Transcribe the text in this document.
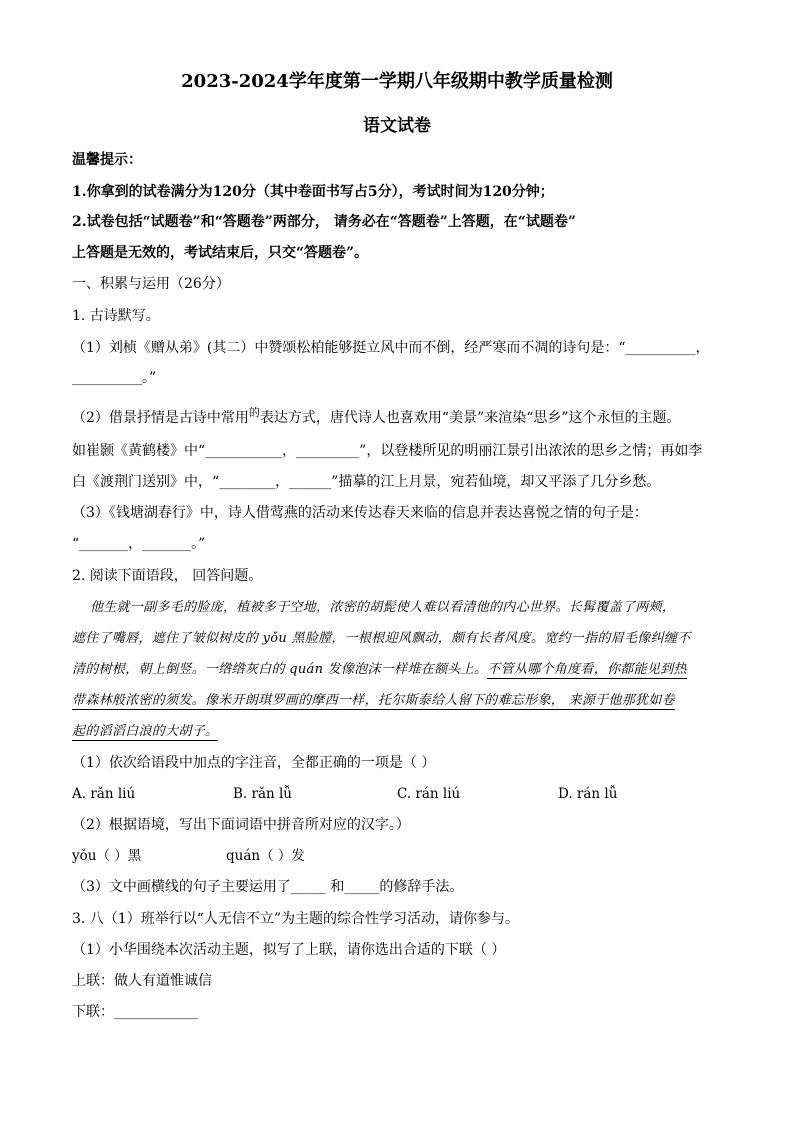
2023-2024学年度第一学期八年级期中教学质量检测
语文试卷
温馨提示：
1.你拿到的试卷满分为120分（其中卷面书写占5分），考试时间为120分钟；
2.试卷包括“试题卷”和“答题卷”两部分， 请务必在“答题卷”上答题，在“试题卷”
上答题是无效的，考试结束后，只交“答题卷”。
一、积累与运用（26分）
1. 古诗默写。
（1）刘桢《赠从弟》(其二）中赞颂松柏能够挺立风中而不倒，经严寒而不凋的诗句是：“__________，
__________。”
（2）借景抒情是古诗中常用$^的$表达方式，唐代诗人也喜欢用“美景”来渲染“思乡”这个永恒的主题。
如崔颢《黄鹤楼》中“___________，_________”，以登楼所见的明丽江景引出浓浓的思乡之情；再如李
白《渡荆门送别》中，“________，______”描摹的江上月景，宛若仙境，却又平添了几分乡愁。
（3）《钱塘湖春行》中，诗人借莺燕的活动来传达春天来临的信息并表达喜悦之情的句子是：
“_______，_______。”
2. 阅读下面语段， 回答问题。
他生就一副多毛的脸庞，植被多于空地，浓密的胡髭使人难以看清他的内心世界。长髯覆盖了两颊，
遮住了嘴唇，遮住了皱似树皮的 yǒu 黑脸膛，一根根迎风飘动，颇有长者风度。宽约一指的眉毛像纠缠不
清的树根，朝上倒竖。一绺绺灰白的 quán 发像泡沫一样堆在额头上。不管从哪个角度看，你都能见到热
带森林般浓密的须发。像米开朗琪罗画的摩西一样，托尔斯泰给人留下的难忘形象， 来源于他那犹如卷
起的滔滔白浪的大胡子。
（1）依次给语段中加点的字注音，全都正确的一项是（ ）
A. rǎn liú	B. rǎn lǚ	C. rán liú	D. rán lǚ
（2）根据语境，写出下面词语中拼音所对应的汉字。）
yǒu（ ）黑	quán（ ）发
（3）文中画横线的句子主要运用了_____ 和_____的修辞手法。
3. 八（1）班举行以“人无信不立”为主题的综合性学习活动，请你参与。
（1）小华围绕本次活动主题，拟写了上联，请你选出合适的下联（ ）
上联：做人有道惟诚信
下联：____________
